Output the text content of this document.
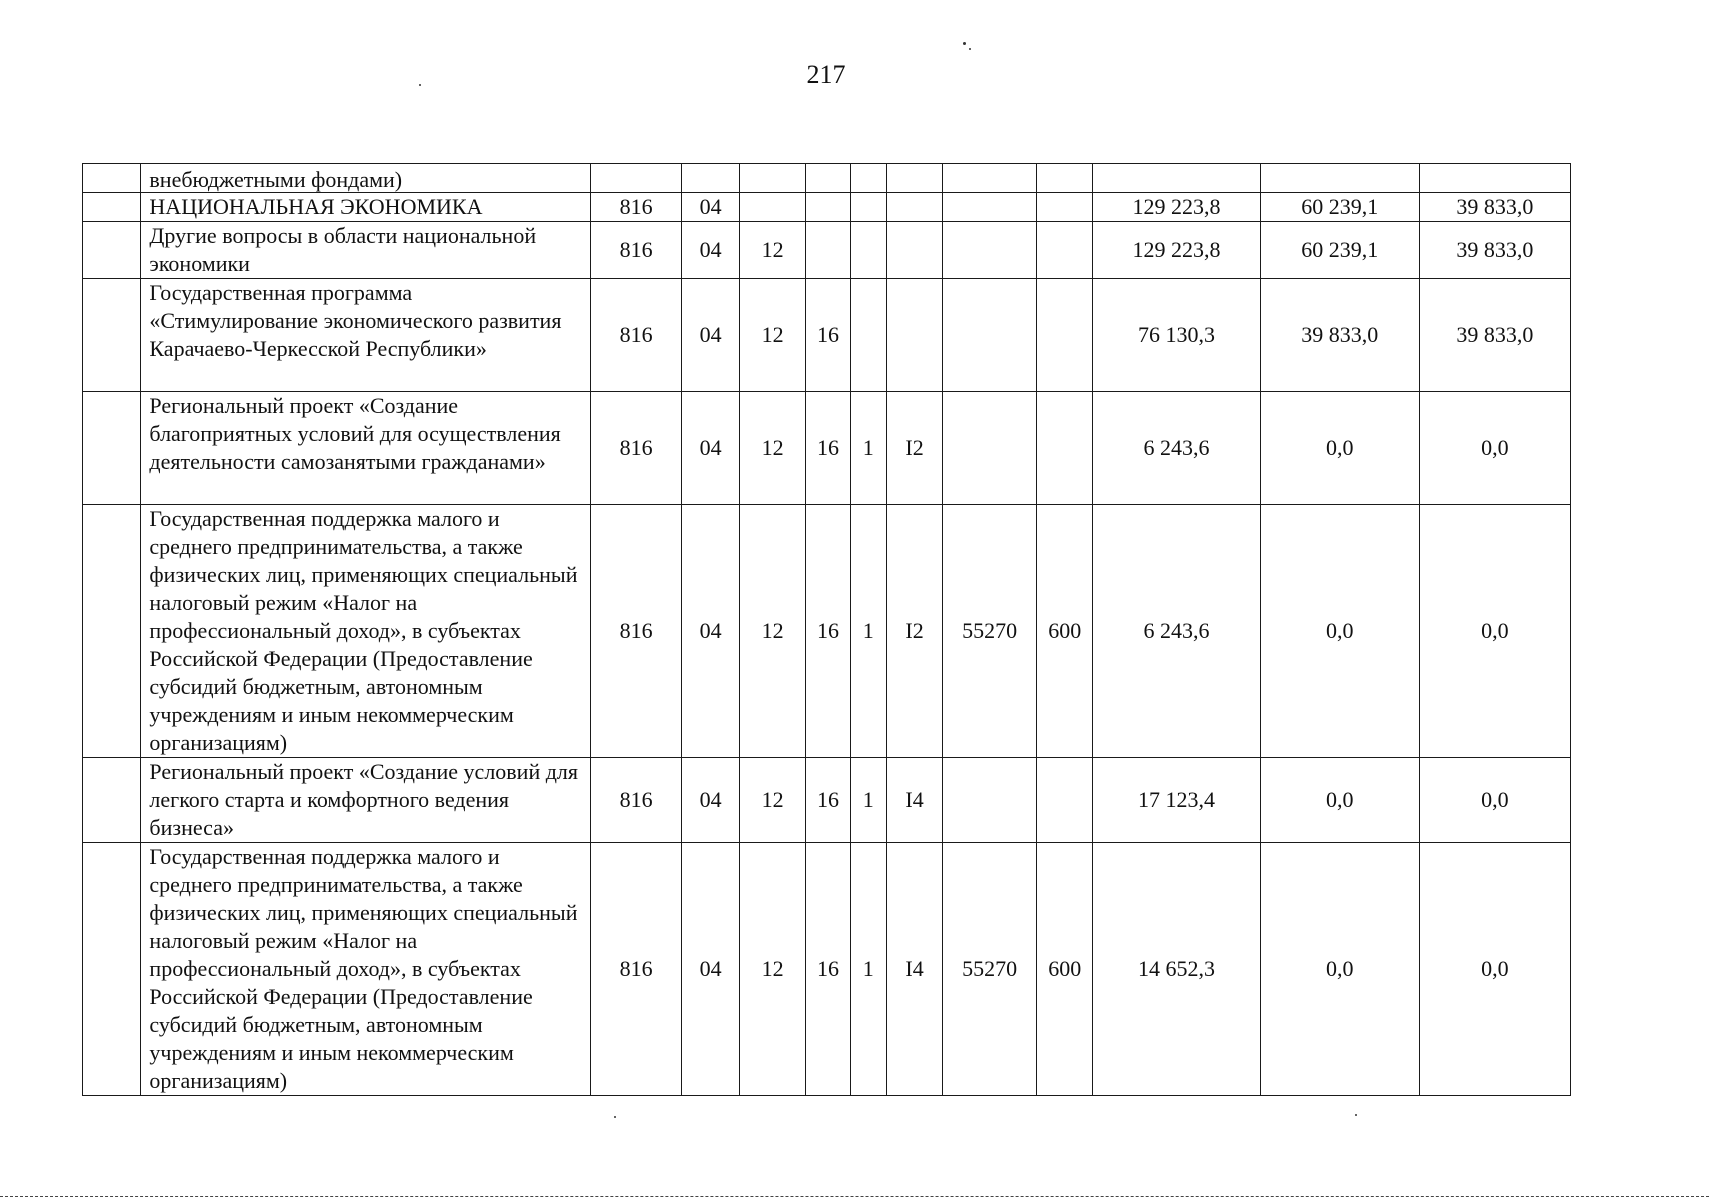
217
	внебюджетными фондами)											
	НАЦИОНАЛЬНАЯ ЭКОНОМИКА	816	04							129 223,8	60 239,1	39 833,0
	Другие вопросы в области национальной экономики	816	04	12						129 223,8	60 239,1	39 833,0
	Государственная программа «Стимулирование экономического развития Карачаево-Черкесской Республики»	816	04	12	16					76 130,3	39 833,0	39 833,0
	Региональный проект «Создание благоприятных условий для осуществления деятельности самозанятыми гражданами»	816	04	12	16	1	I2			6 243,6	0,0	0,0
	Государственная поддержка малого и среднего предпринимательства, а также физических лиц, применяющих специальный налоговый режим «Налог на профессиональный доход», в субъектах Российской Федерации (Предоставление субсидий бюджетным, автономным учреждениям и иным некоммерческим организациям)	816	04	12	16	1	I2	55270	600	6 243,6	0,0	0,0
	Региональный проект «Создание условий для легкого старта и комфортного ведения бизнеса»	816	04	12	16	1	I4			17 123,4	0,0	0,0
	Государственная поддержка малого и среднего предпринимательства, а также физических лиц, применяющих специальный налоговый режим «Налог на профессиональный доход», в субъектах Российской Федерации (Предоставление субсидий бюджетным, автономным учреждениям и иным некоммерческим организациям)	816	04	12	16	1	I4	55270	600	14 652,3	0,0	0,0
